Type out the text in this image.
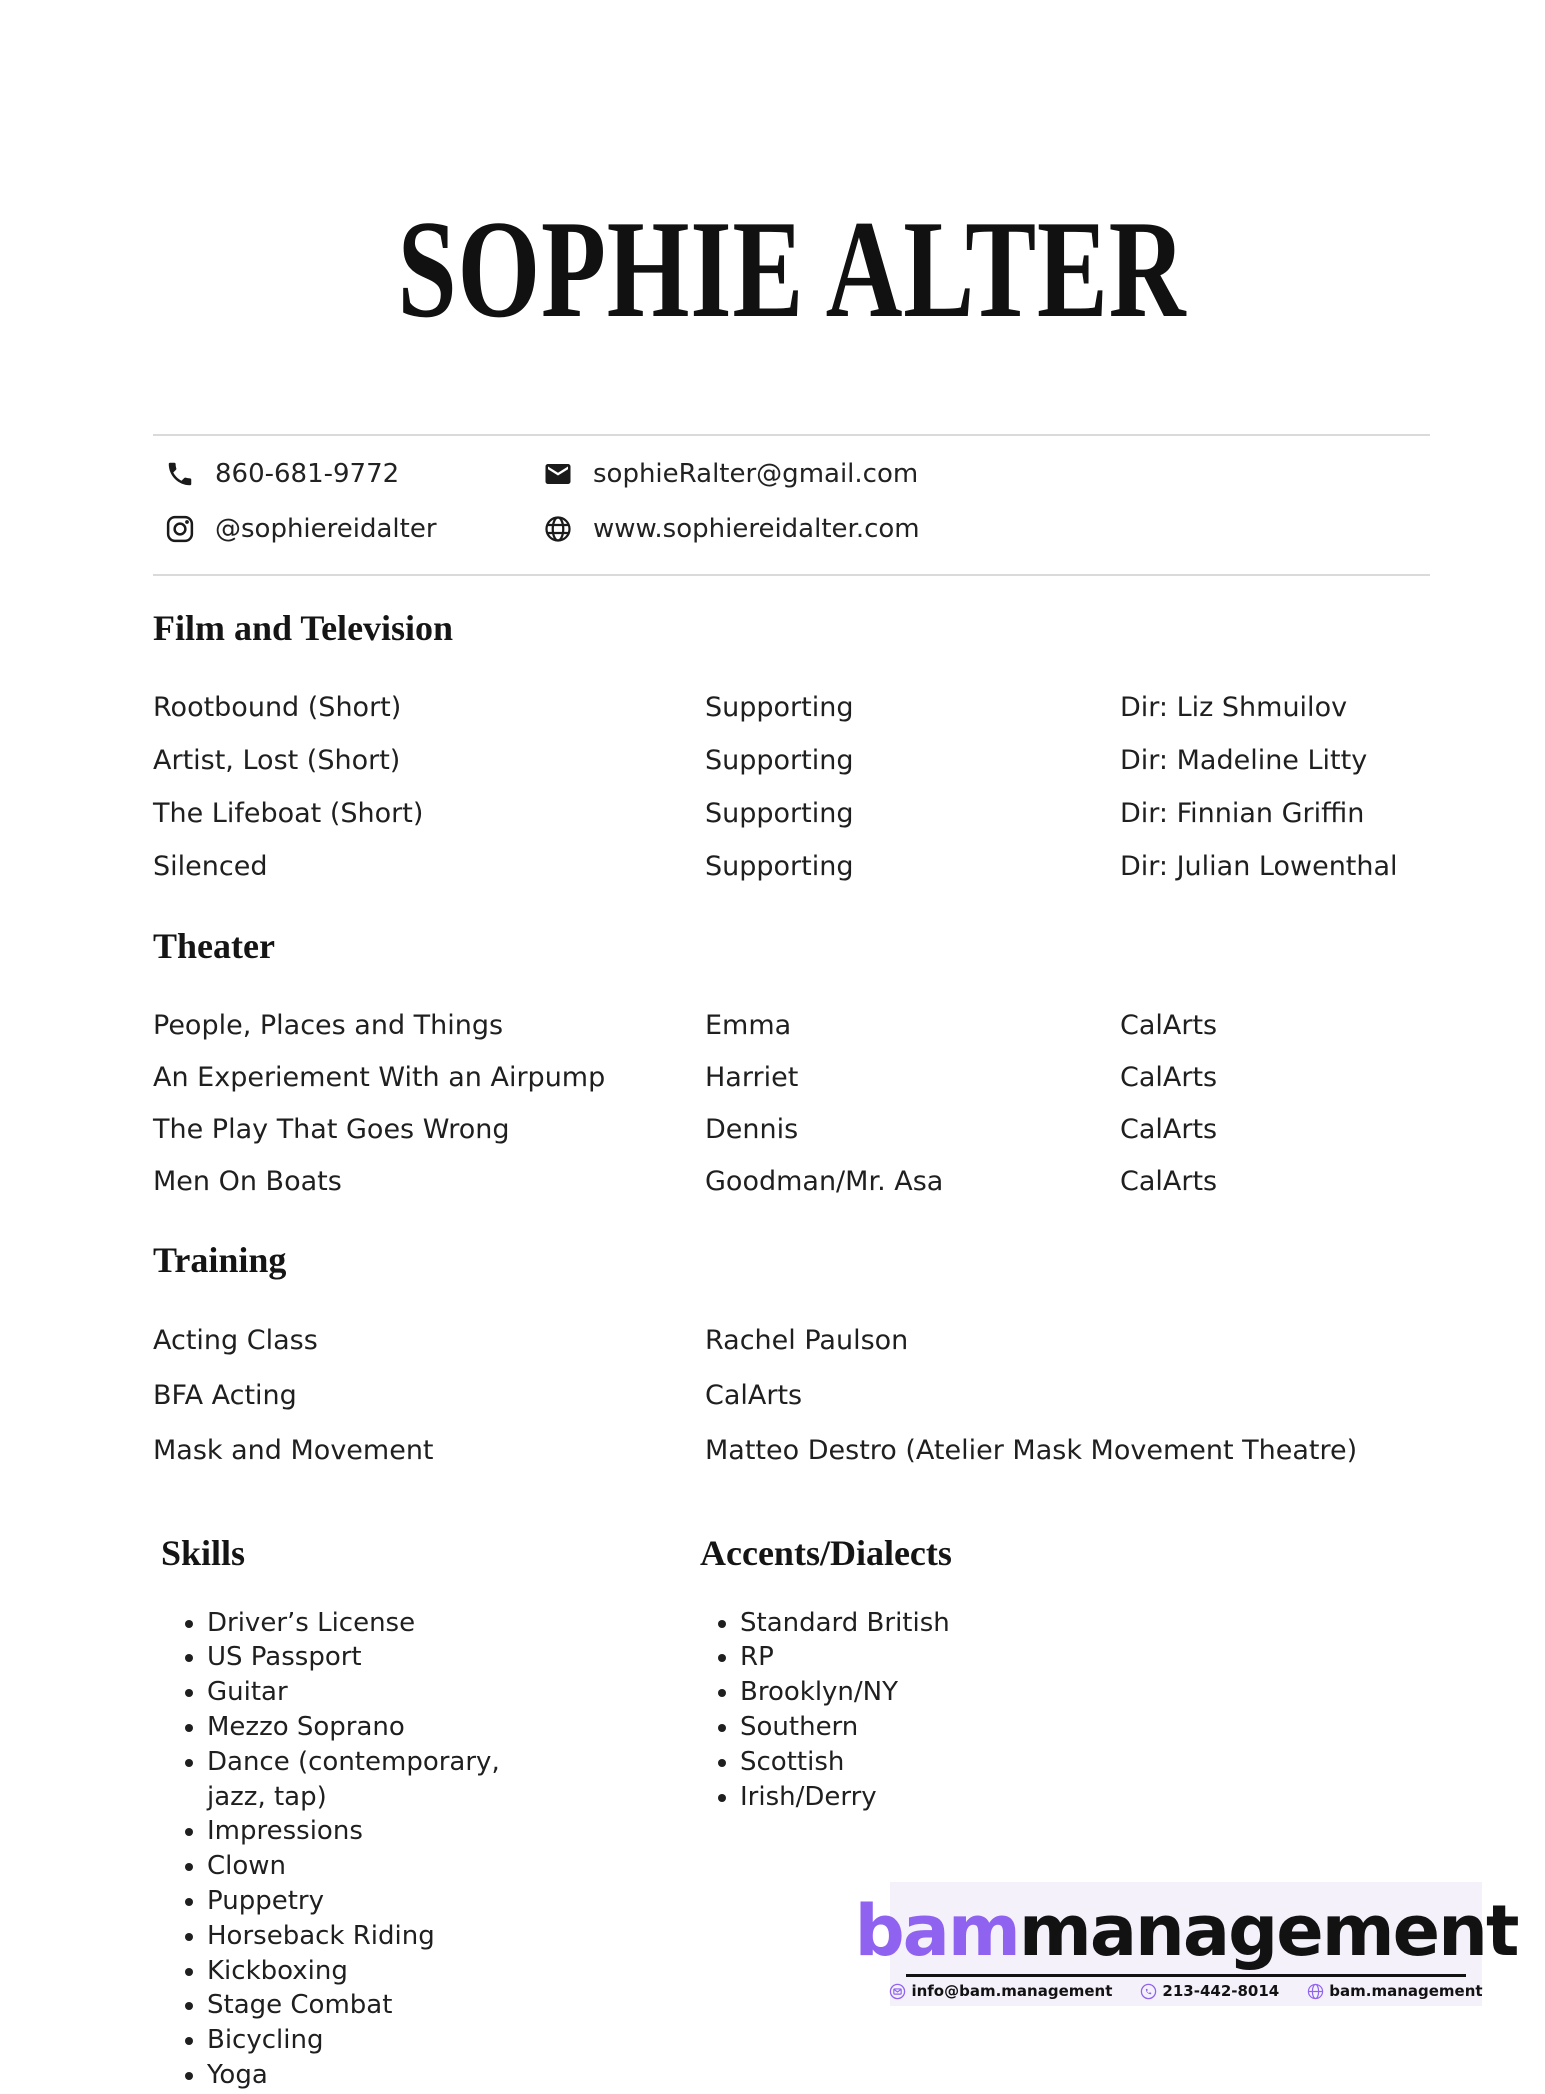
SOPHIE ALTER
860-681-9772	sophieRalter@gmail.com
@sophiereidalter	www.sophiereidalter.com
Film and Television
Rootbound (Short)	Supporting	Dir: Liz Shmuilov
Artist, Lost (Short)	Supporting	Dir: Madeline Litty
The Lifeboat (Short)	Supporting	Dir: Finnian Griffin
Silenced	Supporting	Dir: Julian Lowenthal
Theater
People, Places and Things	Emma	CalArts
An Experiement With an Airpump	Harriet	CalArts
The Play That Goes Wrong	Dennis	CalArts
Men On Boats	Goodman/Mr. Asa	CalArts
Training
Acting Class	Rachel Paulson
BFA Acting	CalArts
Mask and Movement	Matteo Destro (Atelier Mask Movement Theatre)
Skills
• Driver’s License
• US Passport
• Guitar
• Mezzo Soprano
• Dance (contemporary, jazz, tap)
• Impressions
• Clown
• Puppetry
• Horseback Riding
• Kickboxing
• Stage Combat
• Bicycling
• Yoga
Accents/Dialects
• Standard British
• RP
• Brooklyn/NY
• Southern
• Scottish
• Irish/Derry
bam management
info@bam.management	213-442-8014	bam.management
